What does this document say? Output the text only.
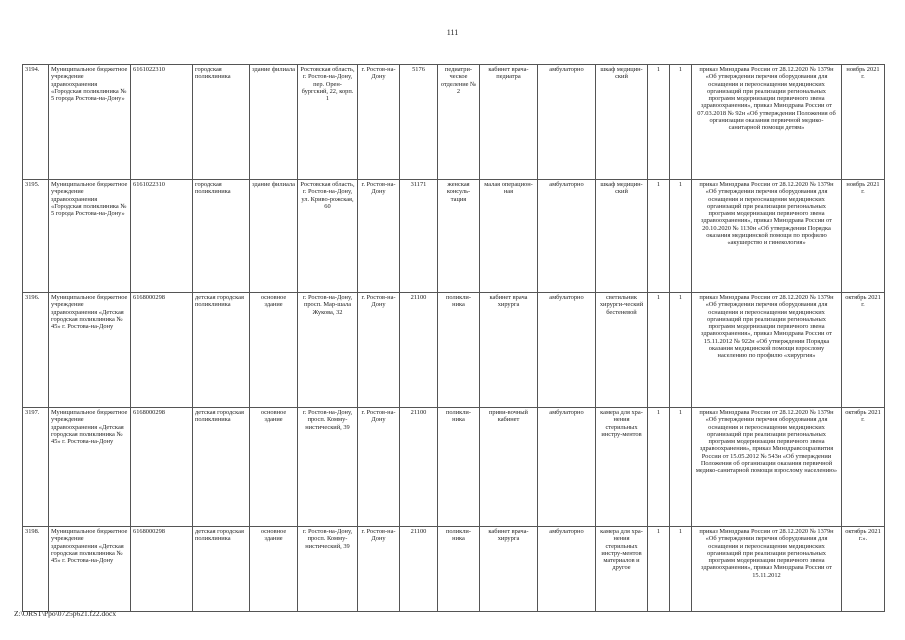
111
3194.	Муниципальное бюджетное учреждение здравоохранения «Городская поликлиника № 5 города Ростова-на-Дону»	6161022310	городская поликлиника	здание филиала	Ростовская область, г. Ростов-на-Дону, пер. Орен-бургский, 22, корп. 1	г. Ростов-на-Дону	5176	педиатри-ческое отделение № 2	кабинет врача-педиатра	амбулаторно	шкаф медицин-ский	1	1	приказ Минздрава России от 28.12.2020 № 1379н «Об утверждении перечня оборудования для оснащения и переоснащения медицинских организаций при реализации региональных программ модернизации первичного звена здравоохранения», приказ Минздрава России от 07.03.2018 № 92н «Об утверждении Положения об организации оказания первичной медико-санитарной помощи детям»	ноябрь 2021 г.
3195.	Муниципальное бюджетное учреждение здравоохранения «Городская поликлиника № 5 города Ростова-на-Дону»	6161022310	городская поликлиника	здание филиала	Ростовская область, г. Ростов-на-Дону, ул. Криво-рожская, 60	г. Ростов-на-Дону	31171	женская консуль-тация	малая операцион-ная	амбулаторно	шкаф медицин-ский	1	1	приказ Минздрава России от 28.12.2020 № 1379н «Об утверждении перечня оборудования для оснащения и переоснащения медицинских организаций при реализации региональных программ модернизации первичного звена здравоохранения», приказ Минздрава России от 20.10.2020 № 1130н «Об утверждении Порядка оказания медицинской помощи по профилю «акушерство и гинекология»	ноябрь 2021 г.
3196.	Муниципальное бюджетное учреждение здравоохранения «Детская городская поликлиника № 45» г. Ростова-на-Дону	6168000298	детская городская поликлиника	основное здание	г. Ростов-на-Дону, просп. Мар-шала Жукова, 32	г. Ростов-на-Дону	21100	поликли-ника	кабинет врача хирурга	амбулаторно	светильник хирурги-ческий бестеневой	1	1	приказ Минздрава России от 28.12.2020 № 1379н «Об утверждении перечня оборудования для оснащения и переоснащения медицинских организаций при реализации региональных программ модернизации первичного звена здравоохранения», приказ Минздрава России от 15.11.2012 № 922н «Об утверждении Порядка оказания медицинской помощи взрослому населению по профилю «хирургия»	октябрь 2021 г.
3197.	Муниципальное бюджетное учреждение здравоохранения «Детская городская поликлиника № 45» г. Ростова-на-Дону	6168000298	детская городская поликлиника	основное здание	г. Ростов-на-Дону, просп. Комму-нистический, 39	г. Ростов-на-Дону	21100	поликли-ника	приви-вочный кабинет	амбулаторно	камера для хра-нения стерильных инстру-ментов	1	1	приказ Минздрава России от 28.12.2020 № 1379н «Об утверждении перечня оборудования для оснащения и переоснащения медицинских организаций при реализации региональных программ модернизации первичного звена здравоохранения», приказ Минздравсоцразвития России от 15.05.2012 № 543н «Об утверждении Положения об организации оказания первичной медико-санитарной помощи взрослому населению»	октябрь 2021 г.
3198.	Муниципальное бюджетное учреждение здравоохранения «Детская городская поликлиника № 45» г. Ростова-на-Дону	6168000298	детская городская поликлиника	основное здание	г. Ростов-на-Дону, просп. Комму-нистический, 39	г. Ростов-на-Дону	21100	поликли-ника	кабинет врача-хирурга	амбулаторно	камера для хра-нения стерильных инстру-ментов материалов и другое	1	1	приказ Минздрава России от 28.12.2020 № 1379н «Об утверждении перечня оборудования для оснащения и переоснащения медицинских организаций при реализации региональных программ модернизации первичного звена здравоохранения», приказ Минздрава России от 15.11.2012	октябрь 2021 г.».
Z:\ORST\Ppo\0725p621.f22.docx
